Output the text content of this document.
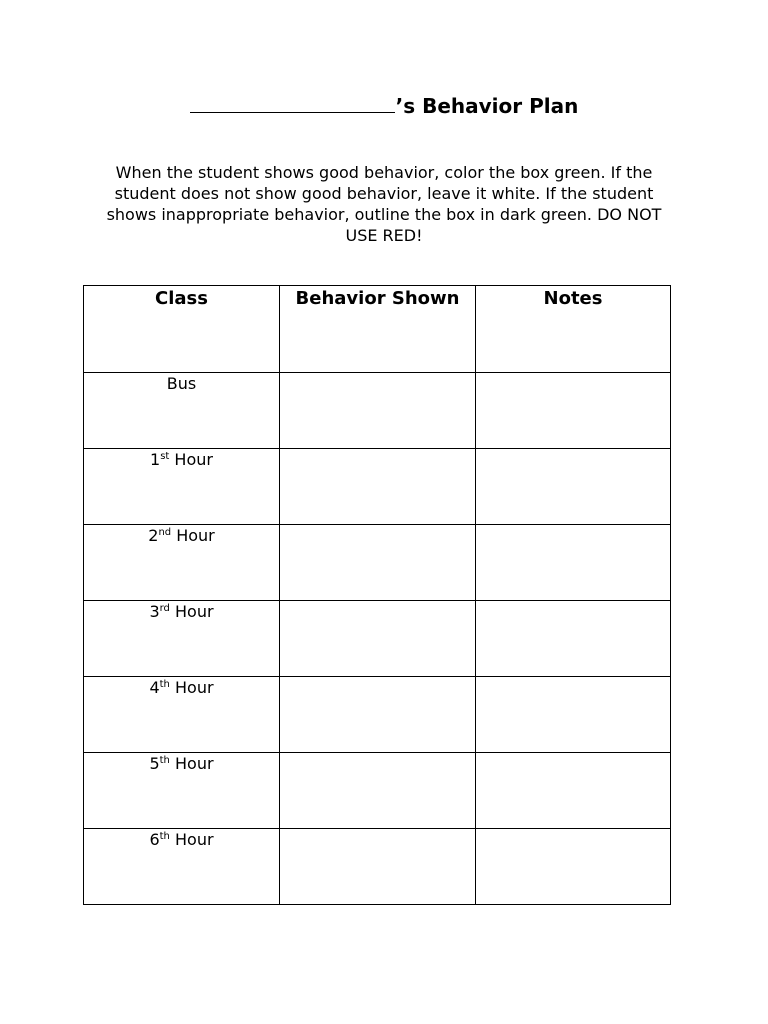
’s Behavior Plan
When the student shows good behavior, color the box green. If the student does not show good behavior, leave it white. If the student shows inappropriate behavior, outline the box in dark green. DO NOT USE RED!
Class	Behavior Shown	Notes
Bus		
1st Hour		
2nd Hour		
3rd Hour		
4th Hour		
5th Hour		
6th Hour		
